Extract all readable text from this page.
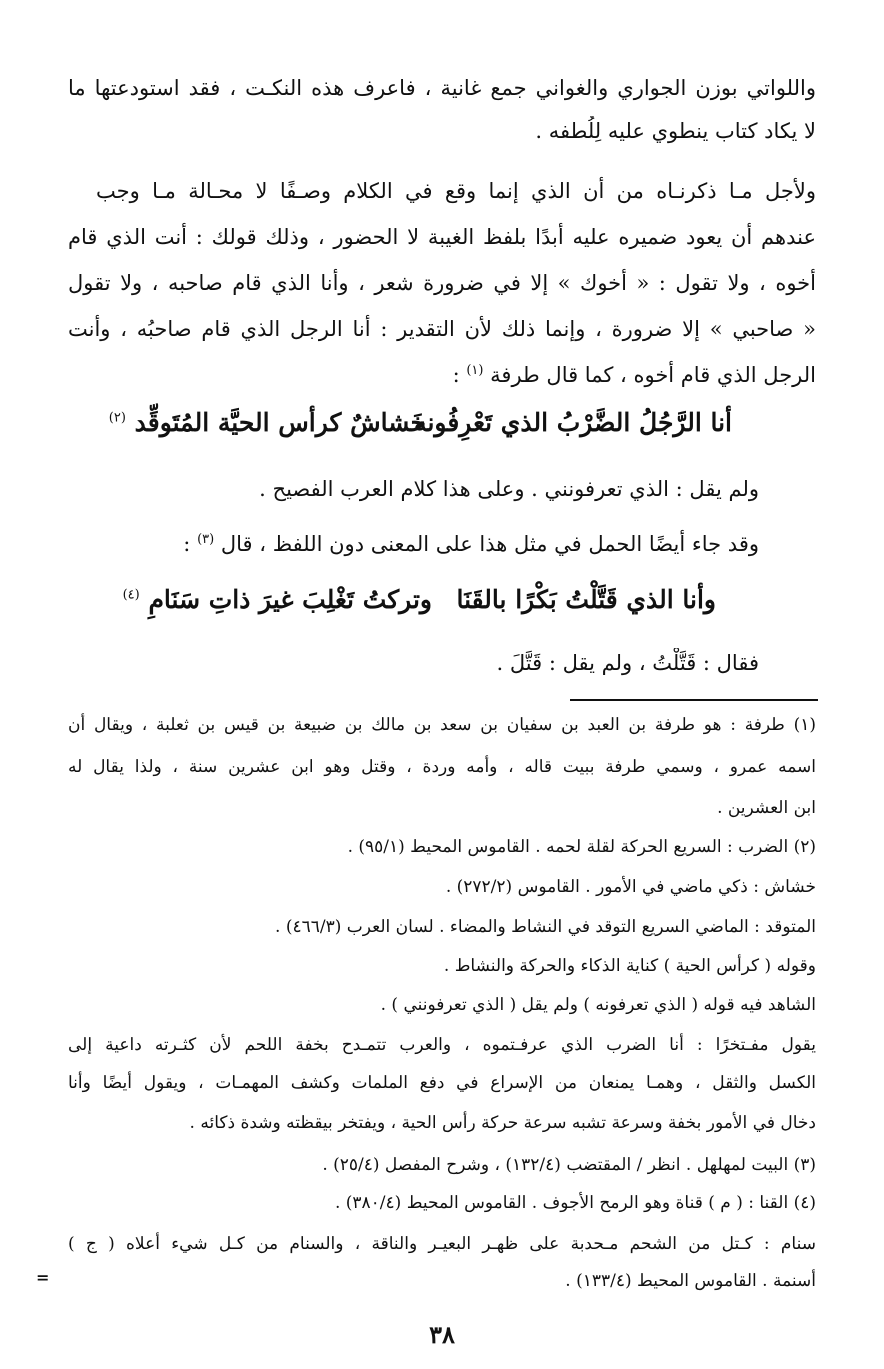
واللواتي بوزن الجواري والغواني جمع غانية ، فاعرف هذه النكـت ، فقد استودعتها ما
لا يكاد كتاب ينطوي عليه لِلُطفه .
ولأجل مـا ذكرنـاه من أن الذي إنما وقع في الكلام وصـفًا لا محـالة مـا وجب
عندهم أن يعود ضميره عليه أبدًا بلفظ الغيبة لا الحضور ، وذلك قولك : أنت الذي قام
أخوه ، ولا تقول : « أخوك » إلا في ضرورة شعر ، وأنا الذي قام صاحبه ، ولا تقول
« صاحبي » إلا ضرورة ، وإنما ذلك لأن التقدير : أنا الرجل الذي قام صاحبُه ، وأنت
الرجل الذي قام أخوه ، كما قال طرفة $^{(١)}$ :
أنا الرَّجُلُ الضَّرْبُ الذي تَعْرِفُونه
خَشاشٌ كرأس الحيَّة المُتَوقِّد $^{(٢)}$
ولم يقل : الذي تعرفونني . وعلى هذا كلام العرب الفصيح .
وقد جاء أيضًا الحمل في مثل هذا على المعنى دون اللفظ ، قال $^{(٣)}$ :
وأنا الذي قَتَّلْتُ بَكْرًا بالقَنَا
وتركتُ تَغْلِبَ غيرَ ذاتِ سَنَامِ $^{(٤)}$
فقال : قَتَّلْتُ ، ولم يقل : قَتَّلَ .
(١) طرفة : هو طرفة بن العبد بن سفيان بن سعد بن مالك بن ضبيعة بن قيس بن ثعلبة ، ويقال أن
اسمه عمرو ، وسمي طرفة ببيت قاله ، وأمه وردة ، وقتل وهو ابن عشرين سنة ، ولذا يقال له
ابن العشرين .
(٢) الضرب : السريع الحركة لقلة لحمه . القاموس المحيط (٩٥/١) .
خشاش : ذكي ماضي في الأمور . القاموس (٢٧٢/٢) .
المتوقد : الماضي السريع التوقد في النشاط والمضاء . لسان العرب (٤٦٦/٣) .
وقوله ( كرأس الحية ) كناية الذكاء والحركة والنشاط .
الشاهد فيه قوله ( الذي تعرفونه ) ولم يقل ( الذي تعرفونني ) .
يقول مفـتخرًا : أنا الضرب الذي عرفـتموه ، والعرب تتمـدح بخفة اللحم لأن كثـرته داعية إلى
الكسل والثقل ، وهمـا يمنعان من الإسراع في دفع الملمات وكشف المهمـات ، ويقول أيضًا وأنا
دخال في الأمور بخفة وسرعة تشبه سرعة حركة رأس الحية ، ويفتخر بيقظته وشدة ذكائه .
(٣) البيت لمهلهل . انظر / المقتضب (١٣٢/٤) ، وشرح المفصل (٢٥/٤) .
(٤) القنا : ( م ) قناة وهو الرمح الأجوف . القاموس المحيط (٣٨٠/٤) .
سنام : كـتل من الشحم مـحدبة على ظهـر البعيـر والناقة ، والسنام من كـل شيء أعلاه ( ج )
أسنمة . القاموس المحيط (١٣٣/٤) .
=
٣٨
